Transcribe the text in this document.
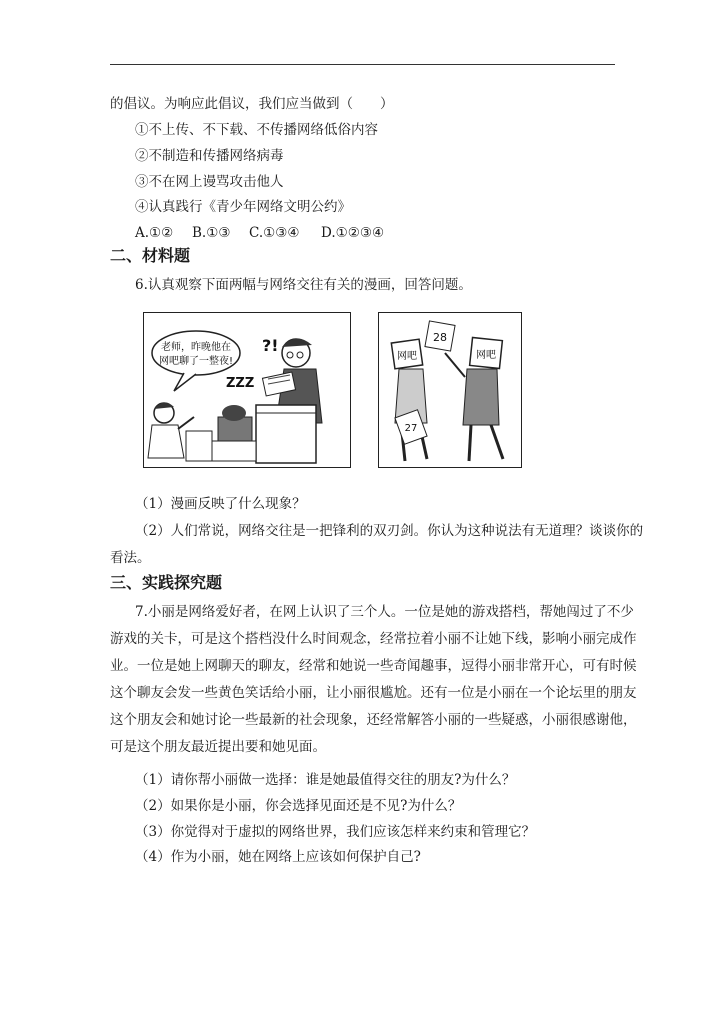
的倡议。为响应此倡议，我们应当做到（　　）
①不上传、不下载、不传播网络低俗内容
②不制造和传播网络病毒
③不在网上谩骂攻击他人
④认真践行《青少年网络文明公约》
A.①② B.①③ C.①③④ D.①②③④
二、材料题
6.认真观察下面两幅与网络交往有关的漫画，回答问题。
老师，昨晚他在
网吧聊了一整夜!
?!
ZZZ
网吧
28
网吧
27
（1）漫画反映了什么现象？
（2）人们常说，网络交往是一把锋利的双刃剑。你认为这种说法有无道理？谈谈你的
看法。
三、实践探究题
7.小丽是网络爱好者，在网上认识了三个人。一位是她的游戏搭档，帮她闯过了不少
游戏的关卡，可是这个搭档没什么时间观念，经常拉着小丽不让她下线，影响小丽完成作
业。一位是她上网聊天的聊友，经常和她说一些奇闻趣事，逗得小丽非常开心，可有时候
这个聊友会发一些黄色笑话给小丽，让小丽很尴尬。还有一位是小丽在一个论坛里的朋友
这个朋友会和她讨论一些最新的社会现象，还经常解答小丽的一些疑惑，小丽很感谢他，
可是这个朋友最近提出要和她见面。
（1）请你帮小丽做一选择：谁是她最值得交往的朋友?为什么？
（2）如果你是小丽，你会选择见面还是不见?为什么？
（3）你觉得对于虚拟的网络世界，我们应该怎样来约束和管理它？
（4）作为小丽，她在网络上应该如何保护自己?
